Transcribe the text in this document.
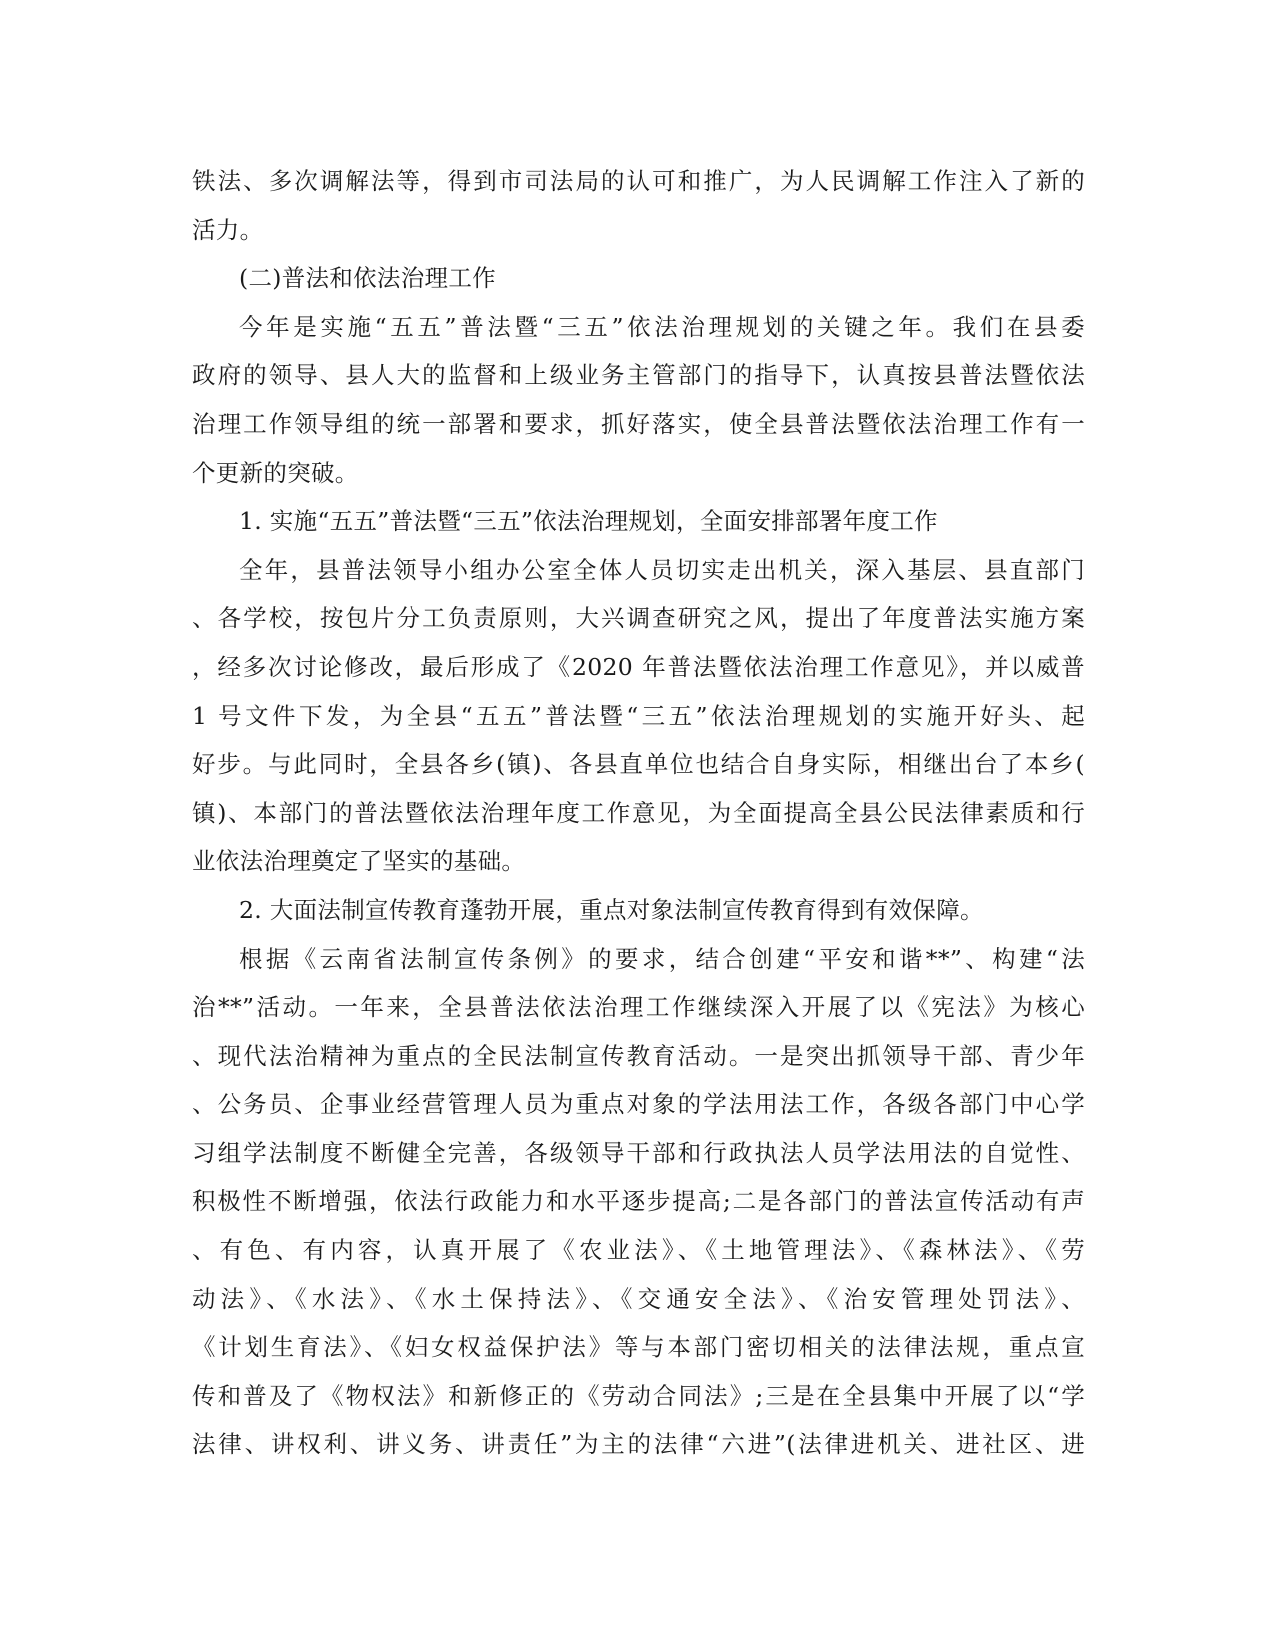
铁法、多次调解法等，得到市司法局的认可和推广，为人民调解工作注入了新的
活力。
(二)普法和依法治理工作
今年是实施“五五”普法暨“三五”依法治理规划的关键之年。我们在县委
政府的领导、县人大的监督和上级业务主管部门的指导下，认真按县普法暨依法
治理工作领导组的统一部署和要求，抓好落实，使全县普法暨依法治理工作有一
个更新的突破。
1. 实施“五五”普法暨“三五”依法治理规划，全面安排部署年度工作
全年，县普法领导小组办公室全体人员切实走出机关，深入基层、县直部门
、各学校，按包片分工负责原则，大兴调查研究之风，提出了年度普法实施方案
，经多次讨论修改，最后形成了《2020 年普法暨依法治理工作意见》，并以威普
1 号文件下发，为全县“五五”普法暨“三五”依法治理规划的实施开好头、起
好步。与此同时，全县各乡(镇)、各县直单位也结合自身实际，相继出台了本乡(
镇)、本部门的普法暨依法治理年度工作意见，为全面提高全县公民法律素质和行
业依法治理奠定了坚实的基础。
2. 大面法制宣传教育蓬勃开展，重点对象法制宣传教育得到有效保障。
根据《云南省法制宣传条例》的要求，结合创建“平安和谐**”、构建“法
治**”活动。一年来，全县普法依法治理工作继续深入开展了以《宪法》为核心
、现代法治精神为重点的全民法制宣传教育活动。一是突出抓领导干部、青少年
、公务员、企事业经营管理人员为重点对象的学法用法工作，各级各部门中心学
习组学法制度不断健全完善，各级领导干部和行政执法人员学法用法的自觉性、
积极性不断增强，依法行政能力和水平逐步提高;二是各部门的普法宣传活动有声
、有色、有内容，认真开展了《农业法》、《土地管理法》、《森林法》、《劳
动法》、《水法》、《水土保持法》、《交通安全法》、《治安管理处罚法》、
《计划生育法》、《妇女权益保护法》等与本部门密切相关的法律法规，重点宣
传和普及了《物权法》和新修正的《劳动合同法》;三是在全县集中开展了以“学
法律、讲权利、讲义务、讲责任”为主的法律“六进”(法律进机关、进社区、进
